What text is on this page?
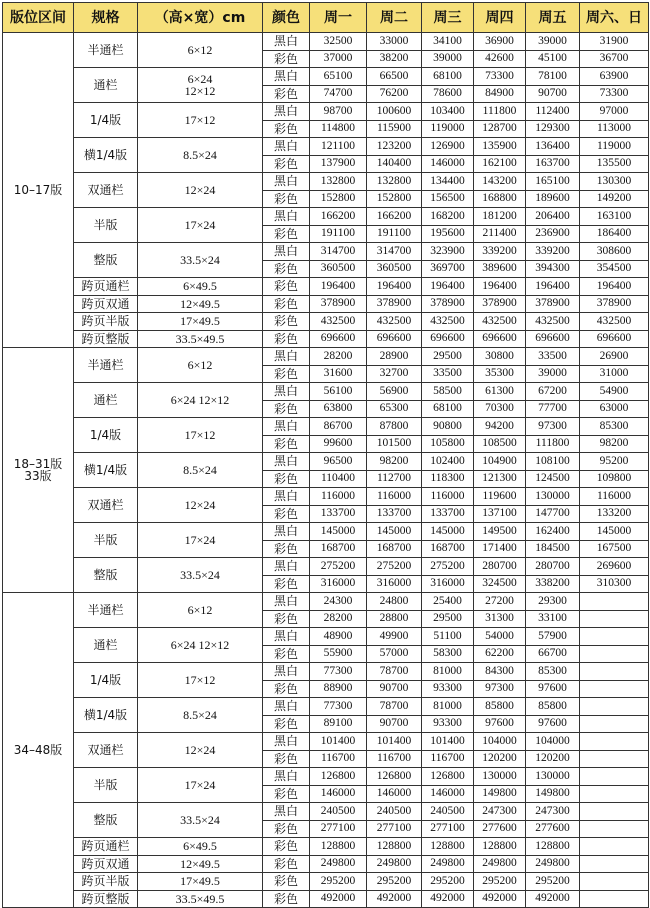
版位区间	规格	（高×宽）cm	颜色	周一	周二	周三	周四	周五	周六、日

10–17版	半通栏	6×12	黑白	32500	33000	34100	36900	39000	31900
			彩色	37000	38200	39000	42600	45100	36700
	通栏	6×24
12×12	黑白	65100	66500	68100	73300	78100	63900
			彩色	74700	76200	78600	84900	90700	73300
	1/4版	17×12	黑白	98700	100600	103400	111800	112400	97000
			彩色	114800	115900	119000	128700	129300	113000
	横1/4版	8.5×24	黑白	121100	123200	126900	135900	136400	119000
			彩色	137900	140400	146000	162100	163700	135500
	双通栏	12×24	黑白	132800	132800	134400	143200	165100	130300
			彩色	152800	152800	156500	168800	189600	149200
	半版	17×24	黑白	166200	166200	168200	181200	206400	163100
			彩色	191100	191100	195600	211400	236900	186400
	整版	33.5×24	黑白	314700	314700	323900	339200	339200	308600
			彩色	360500	360500	369700	389600	394300	354500
	跨页通栏	6×49.5	彩色	196400	196400	196400	196400	196400	196400
	跨页双通	12×49.5	彩色	378900	378900	378900	378900	378900	378900
	跨页半版	17×49.5	彩色	432500	432500	432500	432500	432500	432500
	跨页整版	33.5×49.5	彩色	696600	696600	696600	696600	696600	696600

18–31版
33版	半通栏	6×12	黑白	28200	28900	29500	30800	33500	26900
			彩色	31600	32700	33500	35300	39000	31000
	通栏	6×24 12×12	黑白	56100	56900	58500	61300	67200	54900
			彩色	63800	65300	68100	70300	77700	63000
	1/4版	17×12	黑白	86700	87800	90800	94200	97300	85300
			彩色	99600	101500	105800	108500	111800	98200
	横1/4版	8.5×24	黑白	96500	98200	102400	104900	108100	95200
			彩色	110400	112700	118300	121300	124500	109800
	双通栏	12×24	黑白	116000	116000	116000	119600	130000	116000
			彩色	133700	133700	133700	137100	147700	133200
	半版	17×24	黑白	145000	145000	145000	149500	162400	145000
			彩色	168700	168700	168700	171400	184500	167500
	整版	33.5×24	黑白	275200	275200	275200	280700	280700	269600
			彩色	316000	316000	316000	324500	338200	310300

34–48版	半通栏	6×12	黑白	24300	24800	25400	27200	29300	
			彩色	28200	28800	29500	31300	33100	
	通栏	6×24 12×12	黑白	48900	49900	51100	54000	57900	
			彩色	55900	57000	58300	62200	66700	
	1/4版	17×12	黑白	77300	78700	81000	84300	85300	
			彩色	88900	90700	93300	97300	97600	
	横1/4版	8.5×24	黑白	77300	78700	81000	85800	85800	
			彩色	89100	90700	93300	97600	97600	
	双通栏	12×24	黑白	101400	101400	101400	104000	104000	
			彩色	116700	116700	116700	120200	120200	
	半版	17×24	黑白	126800	126800	126800	130000	130000	
			彩色	146000	146000	146000	149800	149800	
	整版	33.5×24	黑白	240500	240500	240500	247300	247300	
			彩色	277100	277100	277100	277600	277600	
	跨页通栏	6×49.5	彩色	128800	128800	128800	128800	128800	
	跨页双通	12×49.5	彩色	249800	249800	249800	249800	249800	
	跨页半版	17×49.5	彩色	295200	295200	295200	295200	295200	
	跨页整版	33.5×49.5	彩色	492000	492000	492000	492000	492000	
